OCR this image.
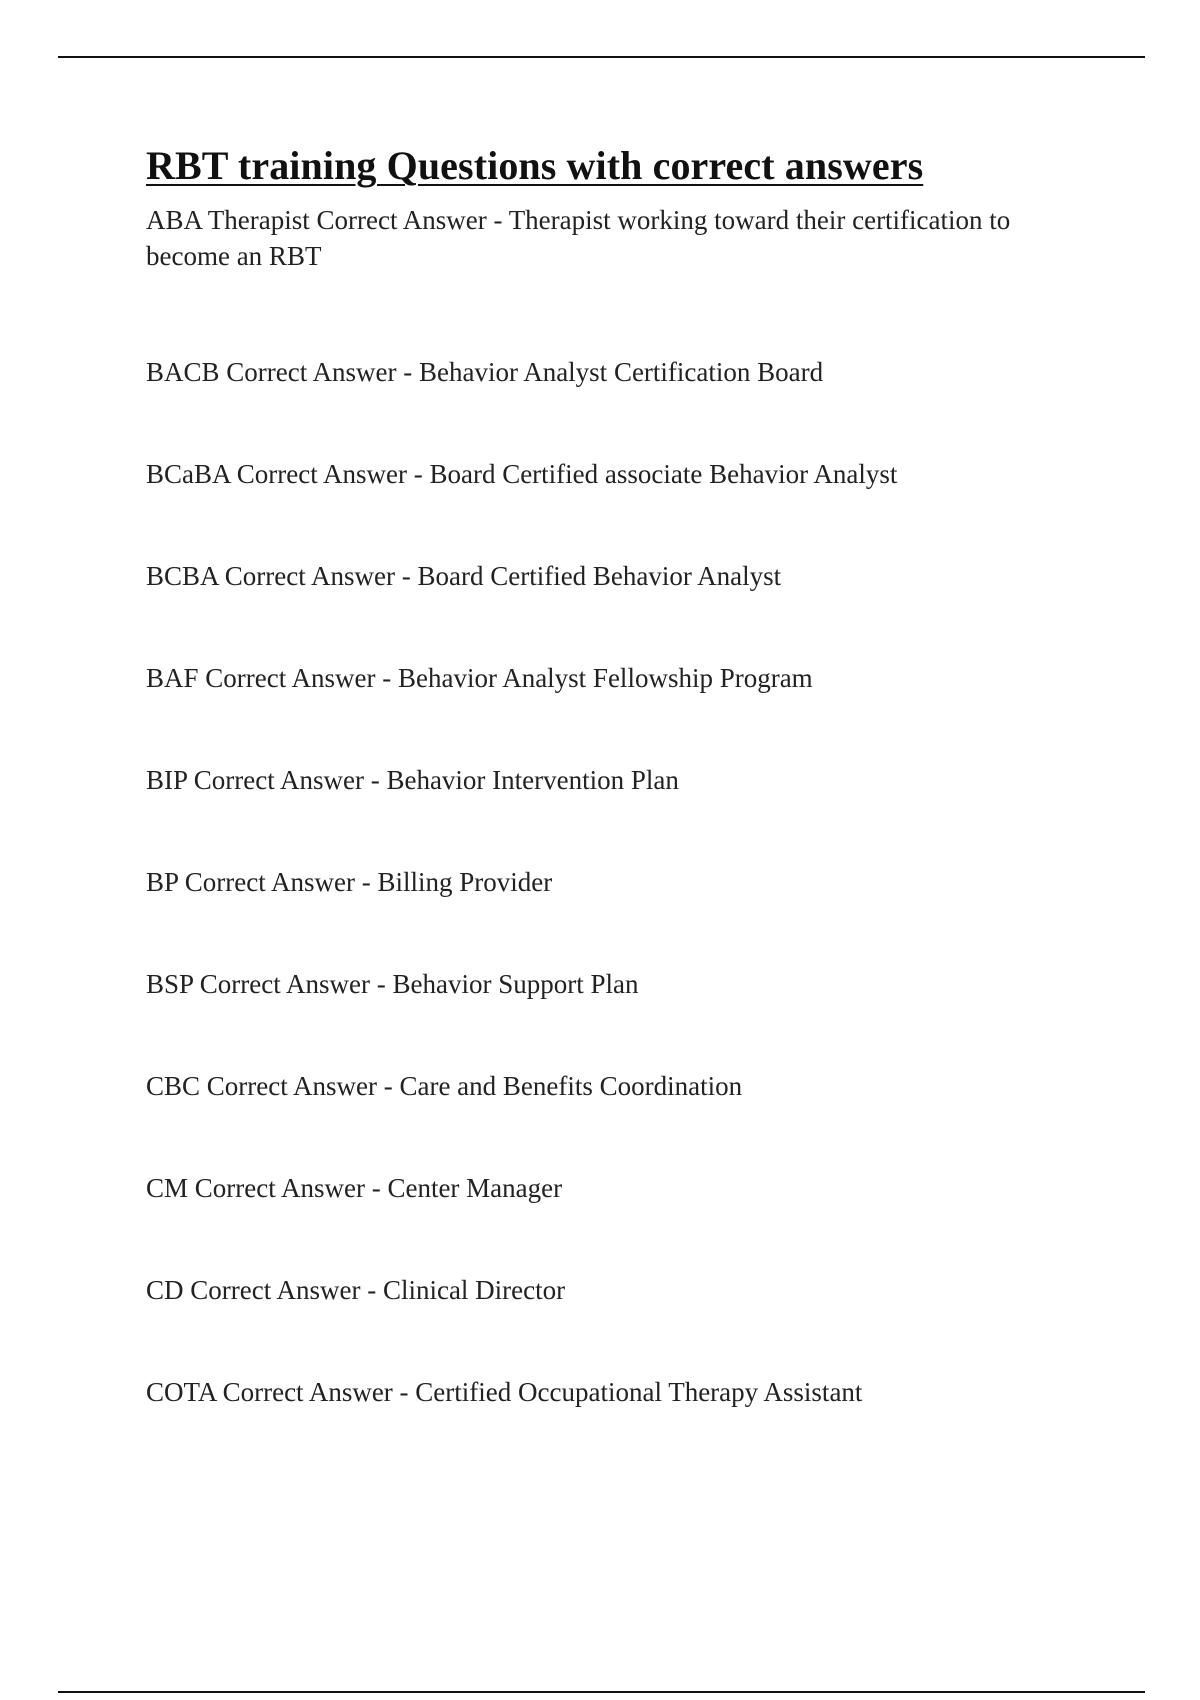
RBT training Questions with correct answers
ABA Therapist Correct Answer - Therapist working toward their certification to become an RBT
BACB Correct Answer - Behavior Analyst Certification Board
BCaBA Correct Answer - Board Certified associate Behavior Analyst
BCBA Correct Answer - Board Certified Behavior Analyst
BAF Correct Answer - Behavior Analyst Fellowship Program
BIP Correct Answer - Behavior Intervention Plan
BP Correct Answer - Billing Provider
BSP Correct Answer - Behavior Support Plan
CBC Correct Answer - Care and Benefits Coordination
CM Correct Answer - Center Manager
CD Correct Answer - Clinical Director
COTA Correct Answer - Certified Occupational Therapy Assistant
